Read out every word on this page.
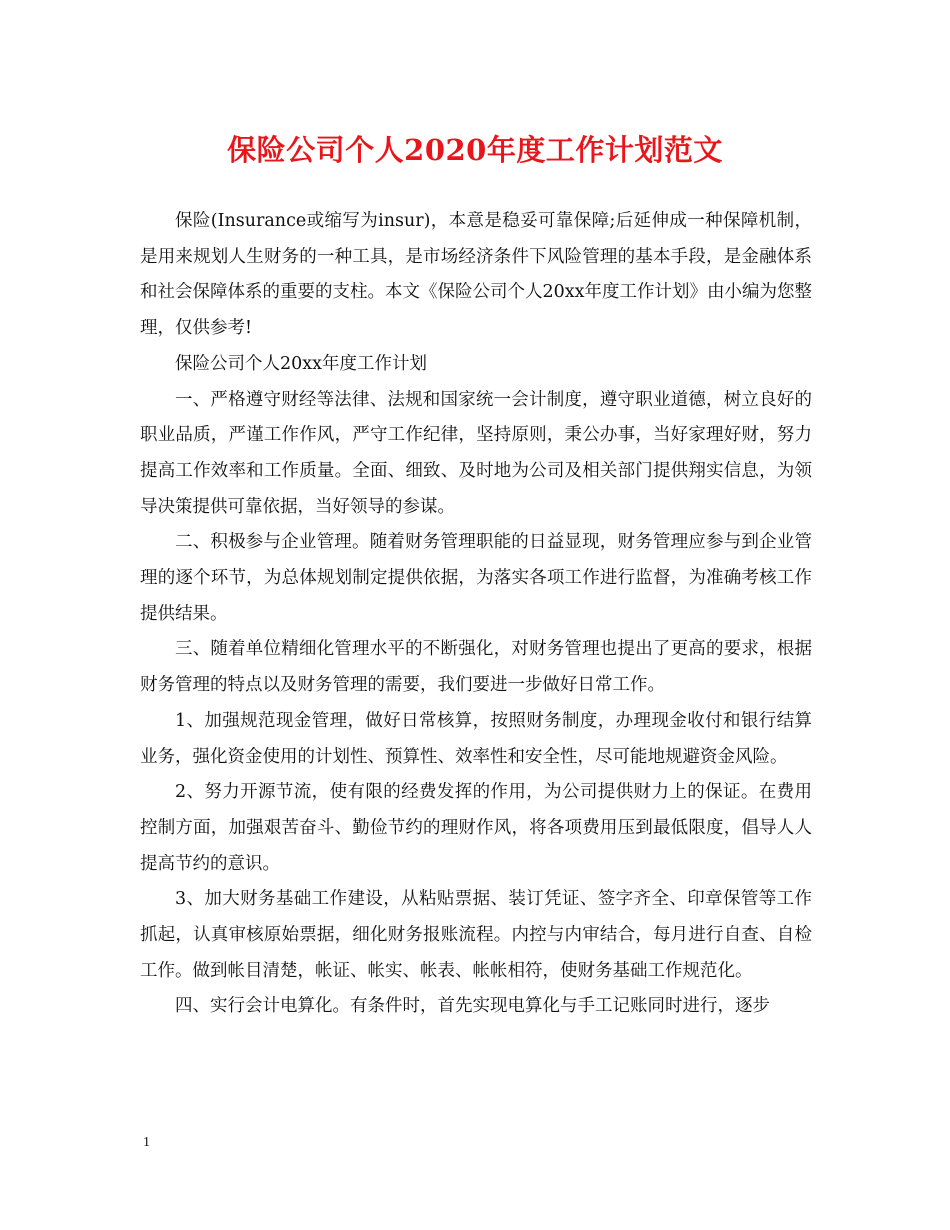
保险公司个人2020年度工作计划范文

保险(Insurance或缩写为insur)，本意是稳妥可靠保障;后延伸成一种保障机制，是用来规划人生财务的一种工具，是市场经济条件下风险管理的基本手段，是金融体系和社会保障体系的重要的支柱。本文《保险公司个人20xx年度工作计划》由小编为您整理，仅供参考!

保险公司个人20xx年度工作计划

一、严格遵守财经等法律、法规和国家统一会计制度，遵守职业道德，树立良好的职业品质，严谨工作作风，严守工作纪律，坚持原则，秉公办事，当好家理好财，努力提高工作效率和工作质量。全面、细致、及时地为公司及相关部门提供翔实信息，为领导决策提供可靠依据，当好领导的参谋。

二、积极参与企业管理。随着财务管理职能的日益显现，财务管理应参与到企业管理的逐个环节，为总体规划制定提供依据，为落实各项工作进行监督，为准确考核工作提供结果。

三、随着单位精细化管理水平的不断强化，对财务管理也提出了更高的要求，根据财务管理的特点以及财务管理的需要，我们要进一步做好日常工作。

1、加强规范现金管理，做好日常核算，按照财务制度，办理现金收付和银行结算业务，强化资金使用的计划性、预算性、效率性和安全性，尽可能地规避资金风险。

2、努力开源节流，使有限的经费发挥的作用，为公司提供财力上的保证。在费用控制方面，加强艰苦奋斗、勤俭节约的理财作风，将各项费用压到最低限度，倡导人人提高节约的意识。

3、加大财务基础工作建设，从粘贴票据、装订凭证、签字齐全、印章保管等工作抓起，认真审核原始票据，细化财务报账流程。内控与内审结合，每月进行自查、自检工作。做到帐目清楚，帐证、帐实、帐表、帐帐相符，使财务基础工作规范化。

四、实行会计电算化。有条件时，首先实现电算化与手工记账同时进行，逐步

1
